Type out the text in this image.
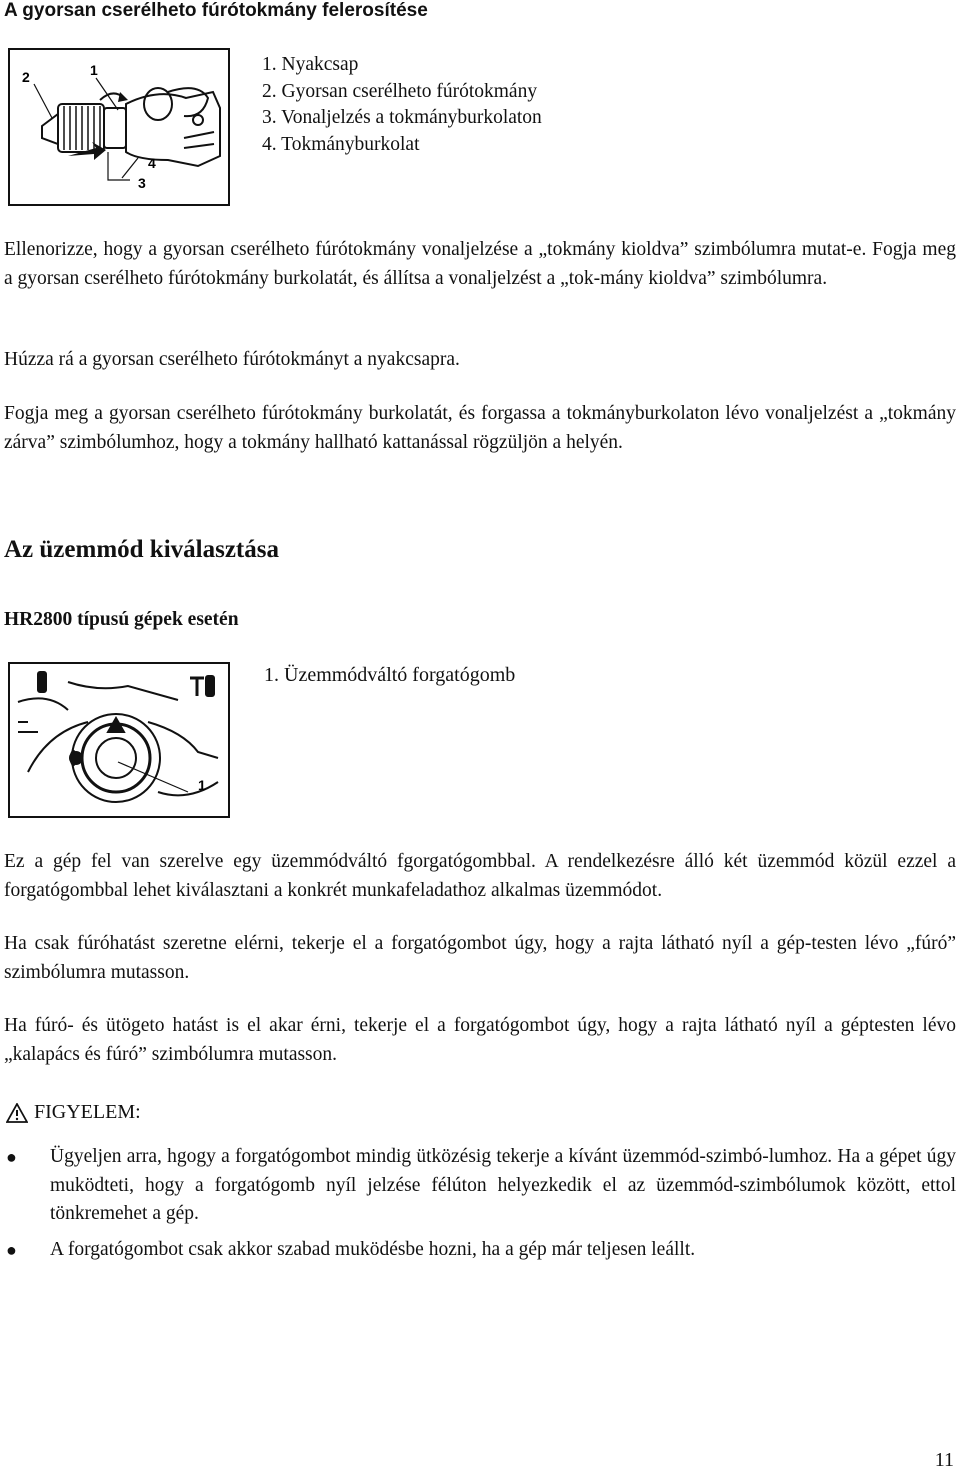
A gyorsan cserélheto fúrótokmány felerosítése
2	1
4
3
1. Nyakcsap
2. Gyorsan cserélheto fúrótokmány
3. Vonaljelzés a tokmányburkolaton
4. Tokmányburkolat
Ellenorizze, hogy a gyorsan cserélheto fúrótokmány vonaljelzése a „tokmány kioldva” szimbólumra mutat-e. Fogja meg a gyorsan cserélheto fúrótokmány burkolatát, és állítsa a vonaljelzést a „tok-mány kioldva” szimbólumra.
Húzza rá a gyorsan cserélheto fúrótokmányt a nyakcsapra.
Fogja meg a gyorsan cserélheto fúrótokmány burkolatát, és forgassa a tokmányburkolaton lévo vonaljelzést a „tokmány zárva” szimbólumhoz, hogy a tokmány hallható kattanással rögzüljön a helyén.
Az üzemmód kiválasztása
HR2800 típusú gépek esetén
1
1. Üzemmódváltó forgatógomb
Ez a gép fel van szerelve egy üzemmódváltó fgorgatógombbal. A rendelkezésre álló két üzemmód közül ezzel a forgatógombbal lehet kiválasztani a konkrét munkafeladathoz alkalmas üzemmódot.
Ha csak fúróhatást szeretne elérni, tekerje el a forgatógombot úgy, hogy a rajta látható nyíl a gép-testen lévo „fúró” szimbólumra mutasson.
Ha fúró- és ütögeto hatást is el akar érni, tekerje el a forgatógombot úgy, hogy a rajta látható nyíl a géptesten lévo „kalapács és fúró” szimbólumra mutasson.
FIGYELEM:
●	Ügyeljen arra, hgogy a forgatógombot mindig ütközésig tekerje a kívánt üzemmód-szimbó-lumhoz. Ha a gépet úgy muködteti, hogy a forgatógomb nyíl jelzése félúton helyezkedik el az üzemmód-szimbólumok között, ettol tönkremehet a gép.
●	A forgatógombot csak akkor szabad muködésbe hozni, ha a gép már teljesen leállt.
11
